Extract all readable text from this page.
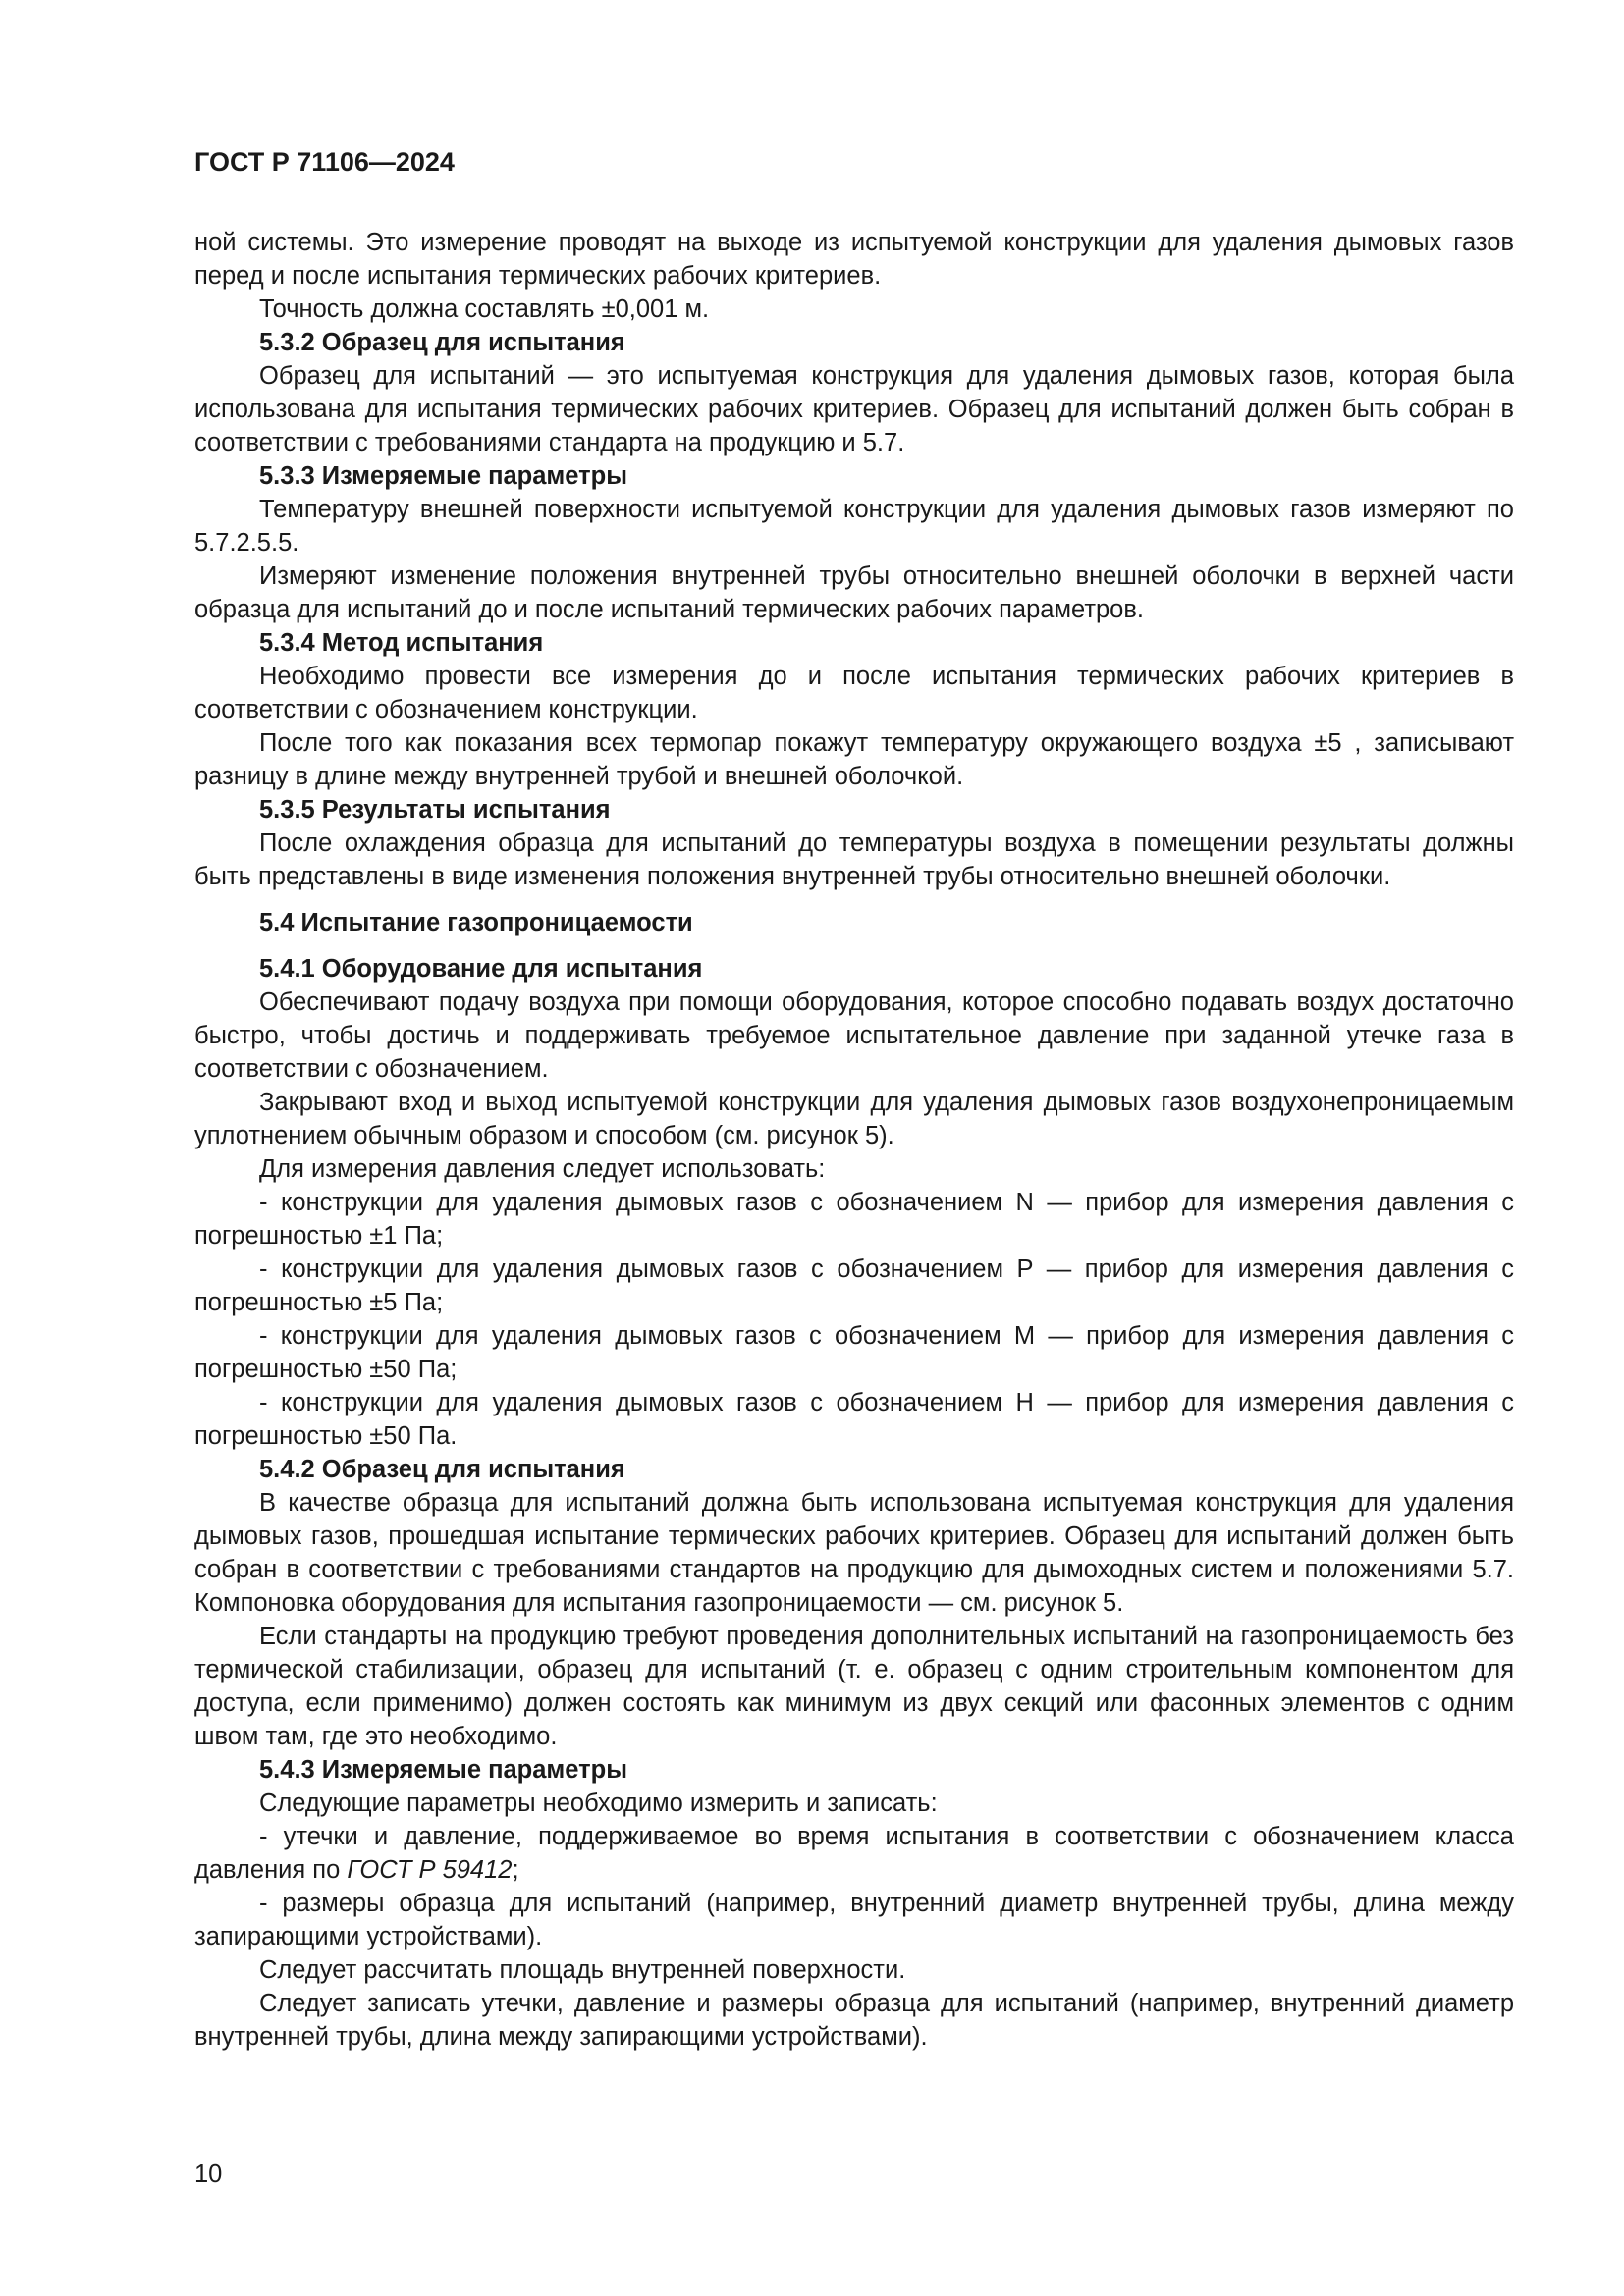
ГОСТ Р 71106—2024

ной системы. Это измерение проводят на выходе из испытуемой конструкции для удаления дымовых газов перед и после испытания термических рабочих критериев.

Точность должна составлять ±0,001 м.

5.3.2 Образец для испытания

Образец для испытаний — это испытуемая конструкция для удаления дымовых газов, которая была использована для испытания термических рабочих критериев. Образец для испытаний должен быть собран в соответствии с требованиями стандарта на продукцию и 5.7.

5.3.3 Измеряемые параметры

Температуру внешней поверхности испытуемой конструкции для удаления дымовых газов измеряют по 5.7.2.5.5.

Измеряют изменение положения внутренней трубы относительно внешней оболочки в верхней части образца для испытаний до и после испытаний термических рабочих параметров.

5.3.4 Метод испытания

Необходимо провести все измерения до и после испытания термических рабочих критериев в соответствии с обозначением конструкции.

После того как показания всех термопар покажут температуру окружающего воздуха ±5 , записывают разницу в длине между внутренней трубой и внешней оболочкой.

5.3.5 Результаты испытания

После охлаждения образца для испытаний до температуры воздуха в помещении результаты должны быть представлены в виде изменения положения внутренней трубы относительно внешней оболочки.

5.4 Испытание газопроницаемости

5.4.1 Оборудование для испытания

Обеспечивают подачу воздуха при помощи оборудования, которое способно подавать воздух достаточно быстро, чтобы достичь и поддерживать требуемое испытательное давление при заданной утечке газа в соответствии с обозначением.

Закрывают вход и выход испытуемой конструкции для удаления дымовых газов воздухонепроницаемым уплотнением обычным образом и способом (см. рисунок 5).

Для измерения давления следует использовать:

- конструкции для удаления дымовых газов с обозначением N — прибор для измерения давления с погрешностью ±1 Па;

- конструкции для удаления дымовых газов с обозначением P — прибор для измерения давления с погрешностью ±5 Па;

- конструкции для удаления дымовых газов с обозначением M — прибор для измерения давления с погрешностью ±50 Па;

- конструкции для удаления дымовых газов с обозначением H — прибор для измерения давления с погрешностью ±50 Па.

5.4.2 Образец для испытания

В качестве образца для испытаний должна быть использована испытуемая конструкция для удаления дымовых газов, прошедшая испытание термических рабочих критериев. Образец для испытаний должен быть собран в соответствии с требованиями стандартов на продукцию для дымоходных систем и положениями 5.7. Компоновка оборудования для испытания газопроницаемости — см. рисунок 5.

Если стандарты на продукцию требуют проведения дополнительных испытаний на газопроницаемость без термической стабилизации, образец для испытаний (т. е. образец с одним строительным компонентом для доступа, если применимо) должен состоять как минимум из двух секций или фасонных элементов с одним швом там, где это необходимо.

5.4.3 Измеряемые параметры

Следующие параметры необходимо измерить и записать:

- утечки и давление, поддерживаемое во время испытания в соответствии с обозначением класса давления по ГОСТ Р 59412;

- размеры образца для испытаний (например, внутренний диаметр внутренней трубы, длина между запирающими устройствами).

Следует рассчитать площадь внутренней поверхности.

Следует записать утечки, давление и размеры образца для испытаний (например, внутренний диаметр внутренней трубы, длина между запирающими устройствами).

10
